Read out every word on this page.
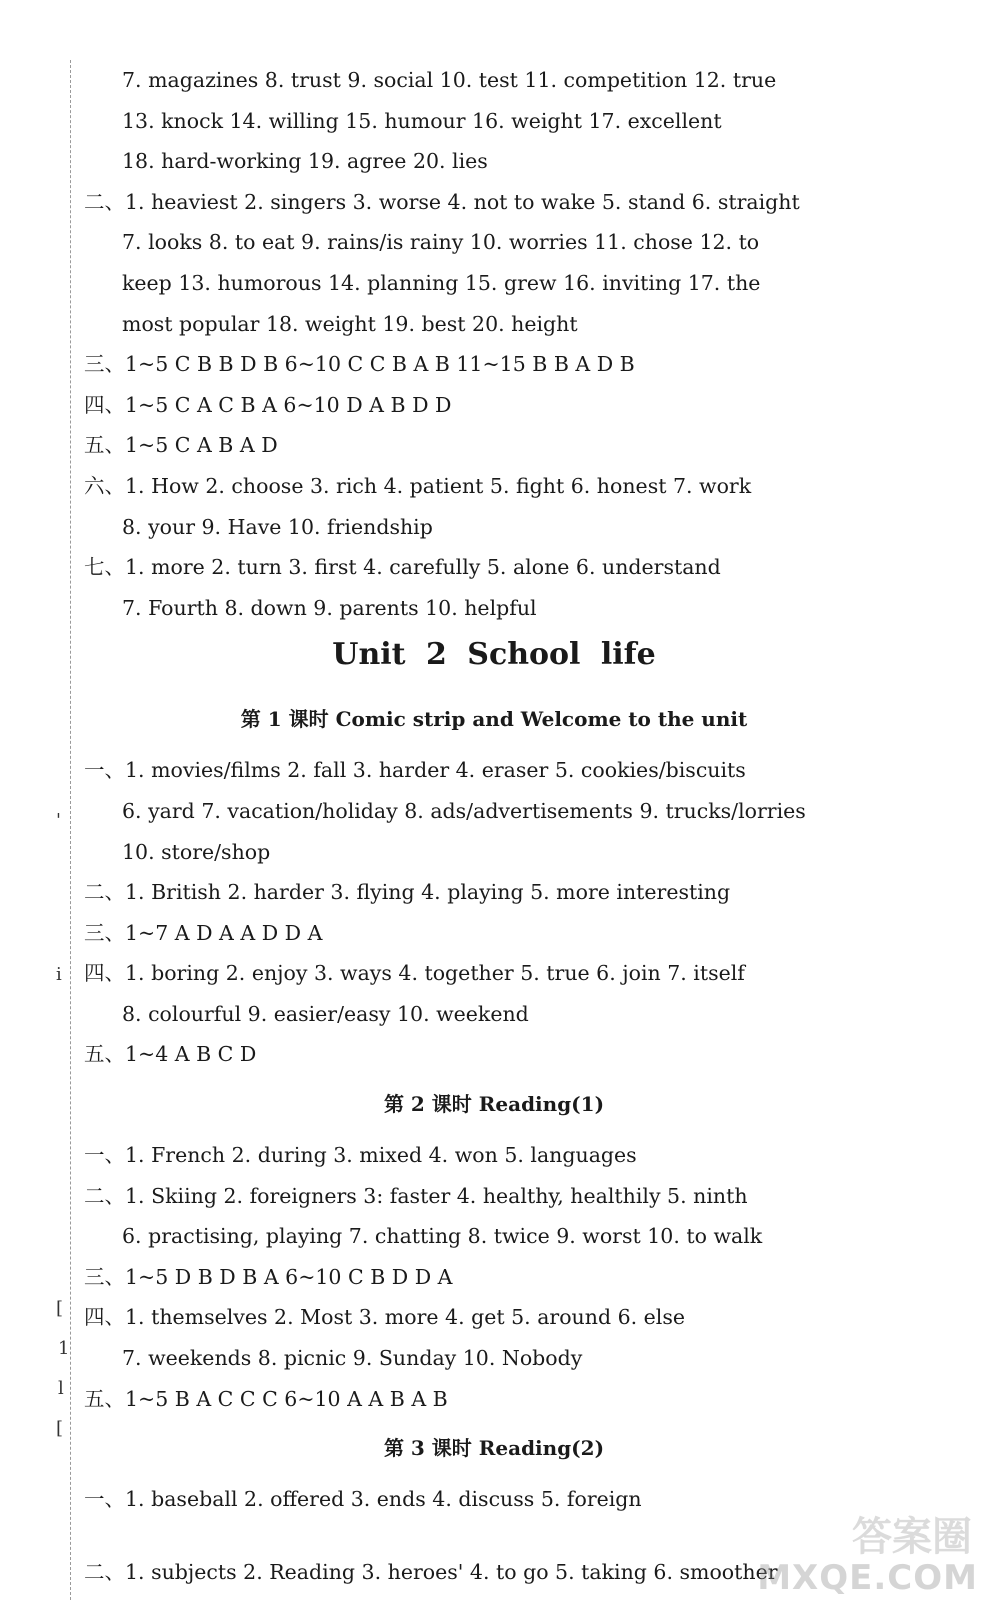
'
i
[
1
l
[
7. magazines 8. trust 9. social 10. test 11. competition 12. true
13. knock 14. willing 15. humour 16. weight 17. excellent
18. hard-working 19. agree 20. lies
二、1. heaviest 2. singers 3. worse 4. not to wake 5. stand 6. straight
7. looks 8. to eat 9. rains/is rainy 10. worries 11. chose 12. to
keep 13. humorous 14. planning 15. grew 16. inviting 17. the
most popular 18. weight 19. best 20. height
三、1~5 C B B D B 6~10 C C B A B 11~15 B B A D B
四、1~5 C A C B A 6~10 D A B D D
五、1~5 C A B A D
六、1. How 2. choose 3. rich 4. patient 5. fight 6. honest 7. work
8. your 9. Have 10. friendship
七、1. more 2. turn 3. first 4. carefully 5. alone 6. understand
7. Fourth 8. down 9. parents 10. helpful
Unit 2 School life
第 1 课时 Comic strip and Welcome to the unit
一、1. movies/films 2. fall 3. harder 4. eraser 5. cookies/biscuits
6. yard 7. vacation/holiday 8. ads/advertisements 9. trucks/lorries
10. store/shop
二、1. British 2. harder 3. flying 4. playing 5. more interesting
三、1~7 A D A A D D A
四、1. boring 2. enjoy 3. ways 4. together 5. true 6. join 7. itself
8. colourful 9. easier/easy 10. weekend
五、1~4 A B C D
第 2 课时 Reading(1)
一、1. French 2. during 3. mixed 4. won 5. languages
二、1. Skiing 2. foreigners 3: faster 4. healthy, healthily 5. ninth
6. practising, playing 7. chatting 8. twice 9. worst 10. to walk
三、1~5 D B D B A 6~10 C B D D A
四、1. themselves 2. Most 3. more 4. get 5. around 6. else
7. weekends 8. picnic 9. Sunday 10. Nobody
五、1~5 B A C C C 6~10 A A B A B
第 3 课时 Reading(2)
一、1. baseball 2. offered 3. ends 4. discuss 5. foreign
二、1. subjects 2. Reading 3. heroes' 4. to go 5. taking 6. smoother
答案圈
MXQE.COM
